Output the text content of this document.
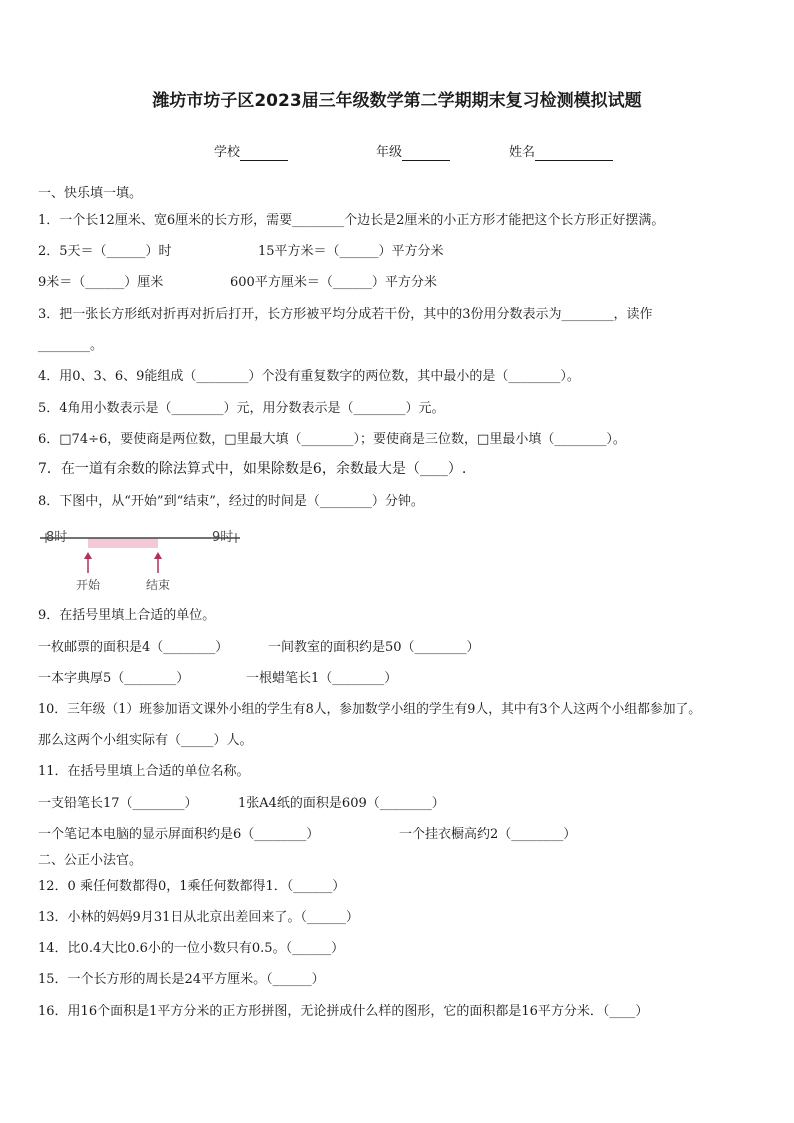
潍坊市坊子区2023届三年级数学第二学期期末复习检测模拟试题
学校	年级	姓名
一、快乐填一填。
1．一个长12厘米、宽6厘米的长方形，需要________个边长是2厘米的小正方形才能把这个长方形正好摆满。
2．5天＝（______）时	15平方米＝（______）平方分米
9米＝（______）厘米	600平方厘米＝（______）平方分米
3．把一张长方形纸对折再对折后打开，长方形被平均分成若干份，其中的3份用分数表示为________，读作
________。
4．用0、3、6、9能组成（________）个没有重复数字的两位数，其中最小的是（________）。
5．4角用小数表示是（________）元，用分数表示是（________）元。
6．□74÷6，要使商是两位数，□里最大填（________）；要使商是三位数，□里最小填（________）。
7．在一道有余数的除法算式中，如果除数是6，余数最大是（____）.
8．下图中，从“开始”到“结束”，经过的时间是（________）分钟。
8时	9时
开始	结束
9．在括号里填上合适的单位。
一枚邮票的面积是4（________）	一间教室的面积约是50（________）
一本字典厚5（________）	一根蜡笔长1（________）
10．三年级（1）班参加语文课外小组的学生有8人，参加数学小组的学生有9人，其中有3个人这两个小组都参加了。
那么这两个小组实际有（_____）人。
11．在括号里填上合适的单位名称。
一支铅笔长17（________）	1张A4纸的面积是609（________）
一个笔记本电脑的显示屏面积约是6（________）	一个挂衣橱高约2（________）
二、公正小法官。
12．0 乘任何数都得0，1乘任何数都得1．（______）
13．小林的妈妈9月31日从北京出差回来了。（______）
14．比0.4大比0.6小的一位小数只有0.5。（______）
15．一个长方形的周长是24平方厘米。（______）
16．用16个面积是1平方分米的正方形拼图，无论拼成什么样的图形，它的面积都是16平方分米．（____）
